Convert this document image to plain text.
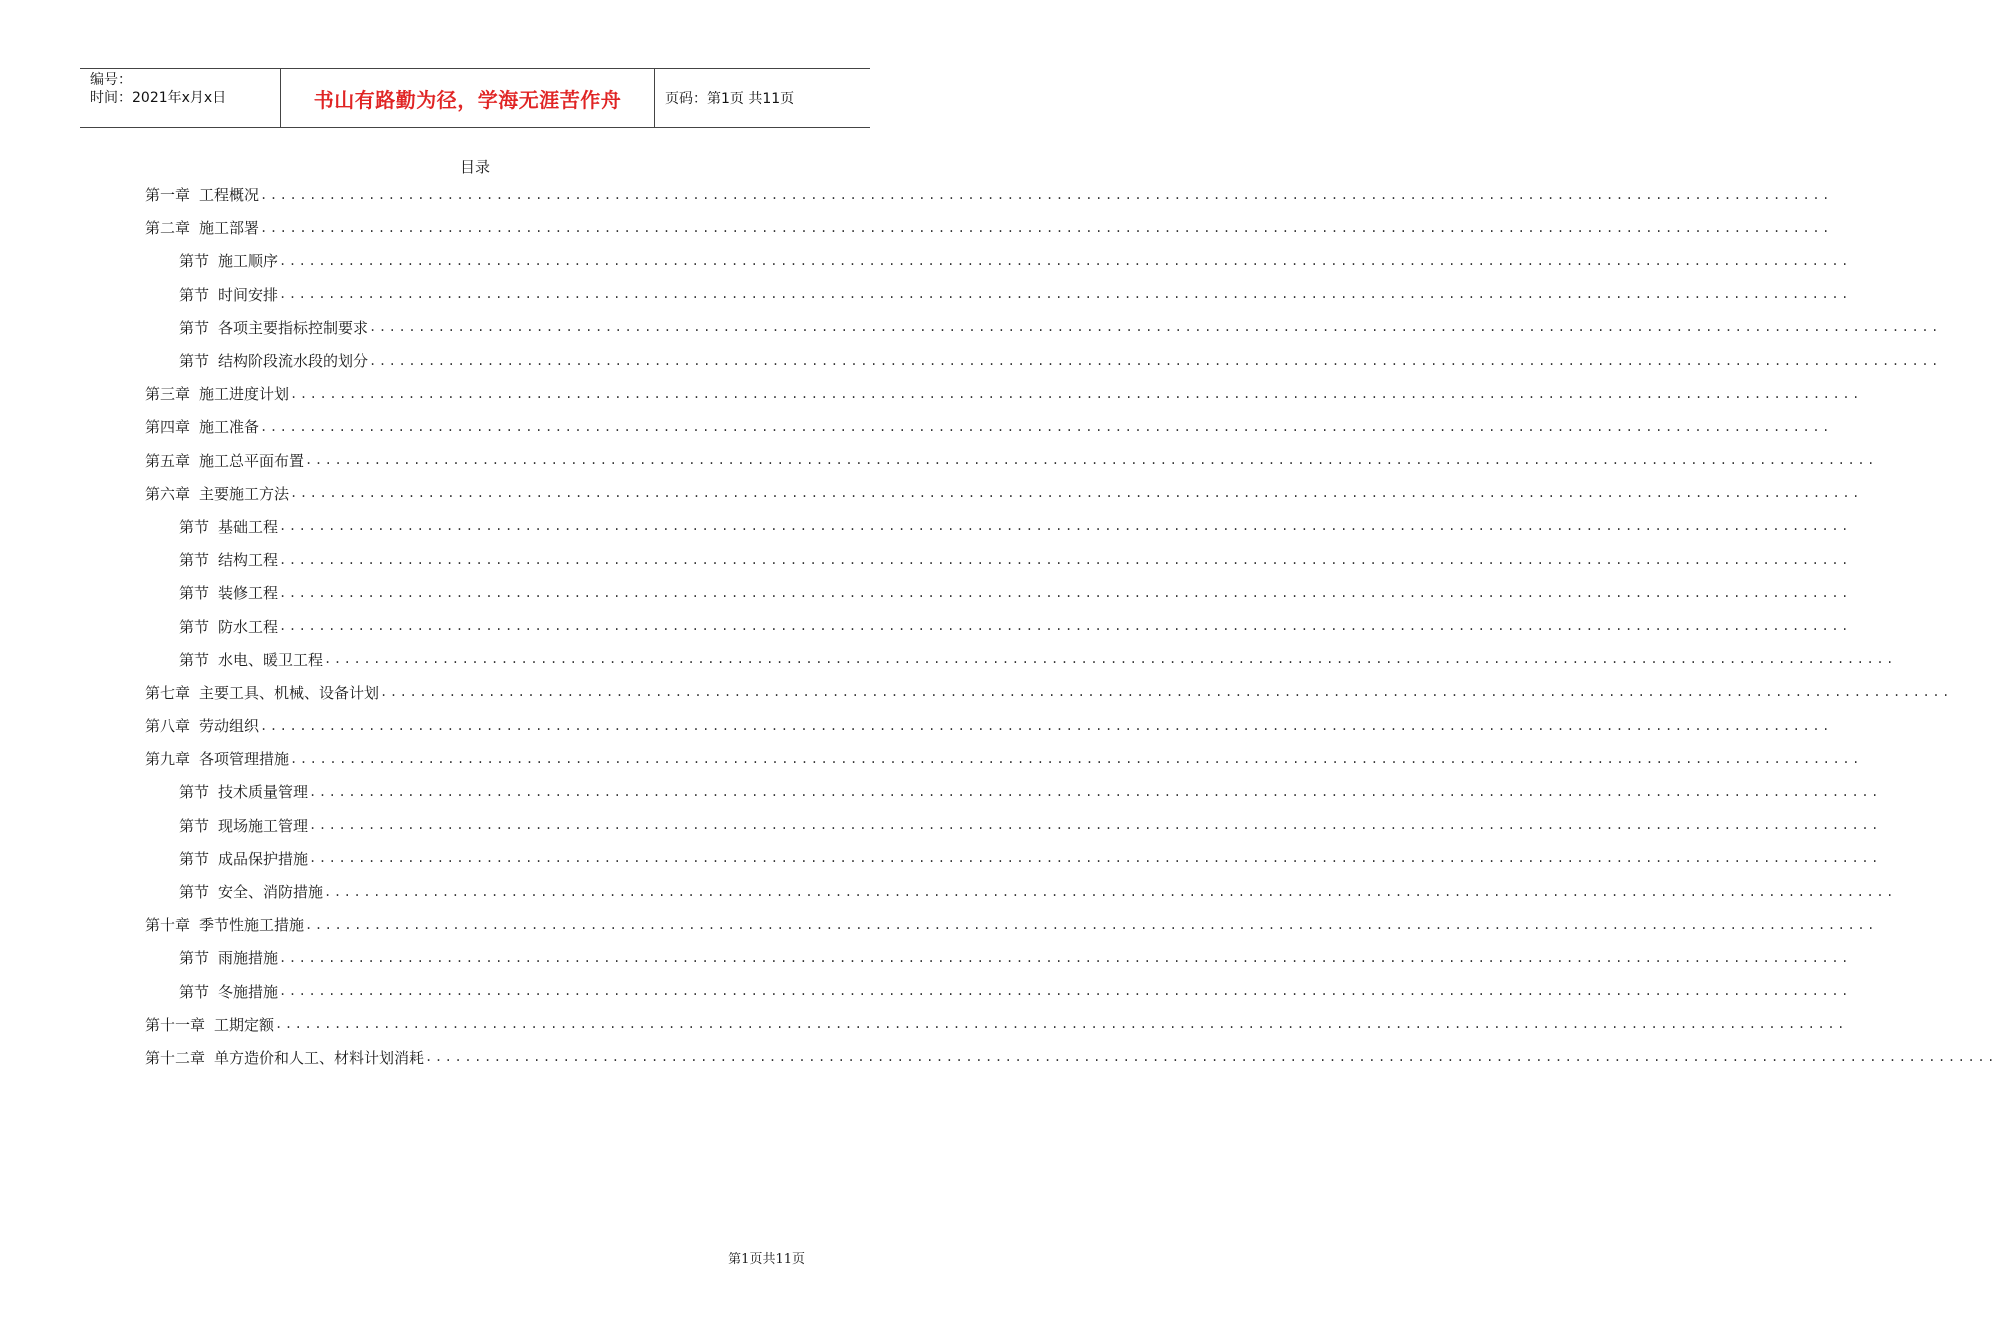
编号：
时间：2021年x月x日	书山有路勤为径，学海无涯苦作舟	页码：第1页 共11页
目录
第一章 工程概况 ................................................................................................................................................................
第二章 施工部署 ................................................................................................................................................................
第节 施工顺序 ................................................................................................................................................................
第节 时间安排 ................................................................................................................................................................
第节 各项主要指标控制要求 ................................................................................................................................................................
第节 结构阶段流水段的划分 ................................................................................................................................................................
第三章 施工进度计划 ................................................................................................................................................................
第四章 施工准备 ................................................................................................................................................................
第五章 施工总平面布置 ................................................................................................................................................................
第六章 主要施工方法 ................................................................................................................................................................
第节 基础工程 ................................................................................................................................................................
第节 结构工程 ................................................................................................................................................................
第节 装修工程 ................................................................................................................................................................
第节 防水工程 ................................................................................................................................................................
第节 水电、暖卫工程 ................................................................................................................................................................
第七章 主要工具、机械、设备计划 ................................................................................................................................................................
第八章 劳动组织 ................................................................................................................................................................
第九章 各项管理措施 ................................................................................................................................................................
第节 技术质量管理 ................................................................................................................................................................
第节 现场施工管理 ................................................................................................................................................................
第节 成品保护措施 ................................................................................................................................................................
第节 安全、消防措施 ................................................................................................................................................................
第十章 季节性施工措施 ................................................................................................................................................................
第节 雨施措施 ................................................................................................................................................................
第节 冬施措施 ................................................................................................................................................................
第十一章 工期定额 ................................................................................................................................................................
第十二章 单方造价和人工、材料计划消耗 ................................................................................................................................................................
第1页共11页
